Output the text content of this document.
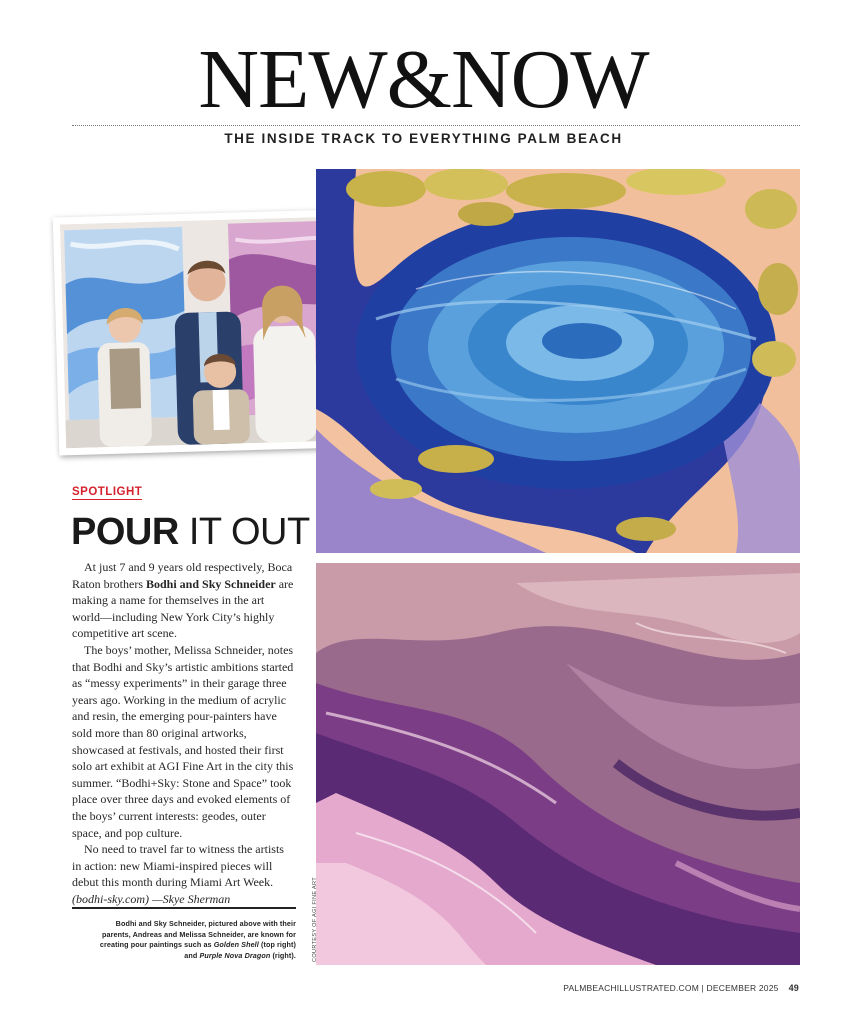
NEW&NOW
THE INSIDE TRACK TO EVERYTHING PALM BEACH
SPOTLIGHT
POUR IT OUT

At just 7 and 9 years old respectively, Boca Raton brothers Bodhi and Sky Schneider are making a name for themselves in the art world—including New York City’s highly competitive art scene.

The boys’ mother, Melissa Schneider, notes that Bodhi and Sky’s artistic ambitions started as “messy experiments” in their garage three years ago. Working in the medium of acrylic and resin, the emerging pour-painters have sold more than 80 original artworks, showcased at festivals, and hosted their first solo art exhibit at AGI Fine Art in the city this summer. “Bodhi+Sky: Stone and Space” took place over three days and evoked elements of the boys’ current interests: geodes, outer space, and pop culture.

No need to travel far to witness the artists in action: new Miami-inspired pieces will debut this month during Miami Art Week. (bodhi-sky.com) —Skye Sherman

Bodhi and Sky Schneider, pictured above with their parents, Andreas and Melissa Schneider, are known for creating pour paintings such as Golden Shell (top right) and Purple Nova Dragon (right).	COURTESY OF AGI FINE ART
PALMBEACHILLUSTRATED.COM | DECEMBER 2025 49
